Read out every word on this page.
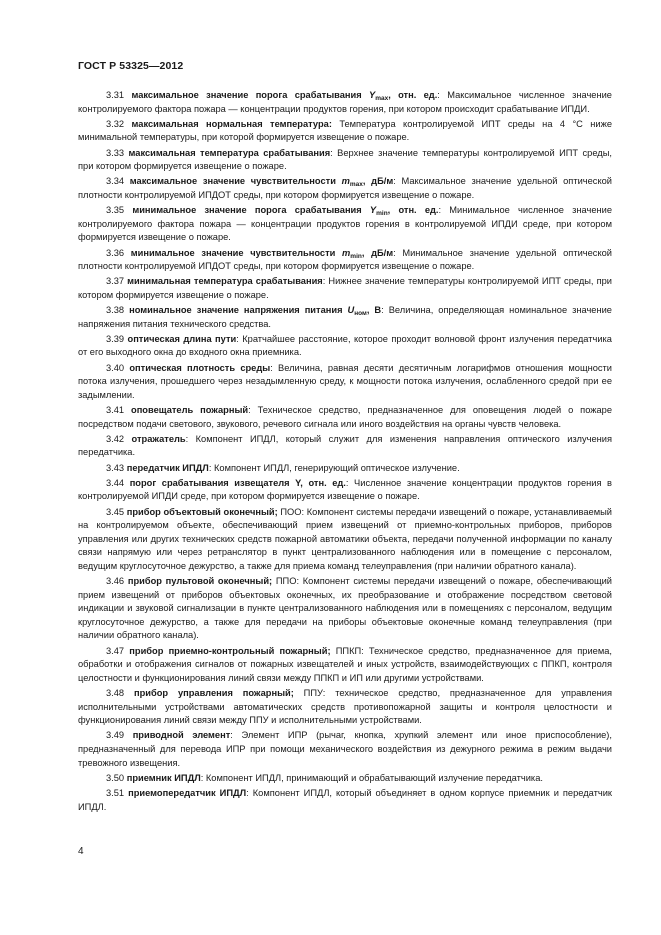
ГОСТ Р 53325—2012

3.31 максимальное значение порога срабатывания $Y_{max}$, отн. ед.: Максимальное численное значение контролируемого фактора пожара — концентрации продуктов горения, при котором происходит срабатывание ИПДИ.

3.32 максимальная нормальная температура: Температура контролируемой ИПТ среды на 4 °С ниже минимальной температуры, при которой формируется извещение о пожаре.

3.33 максимальная температура срабатывания: Верхнее значение температуры контролируемой ИПТ среды, при котором формируется извещение о пожаре.

3.34 максимальное значение чувствительности $m_{max}$, дБ/м: Максимальное значение удельной оптической плотности контролируемой ИПДОТ среды, при котором формируется извещение о пожаре.

3.35 минимальное значение порога срабатывания $Y_{min}$, отн. ед.: Минимальное численное значение контролируемого фактора пожара — концентрации продуктов горения в контролируемой ИПДИ среде, при котором формируется извещение о пожаре.

3.36 минимальное значение чувствительности $m_{min}$, дБ/м: Минимальное значение удельной оптической плотности контролируемой ИПДОТ среды, при котором формируется извещение о пожаре.

3.37 минимальная температура срабатывания: Нижнее значение температуры контролируемой ИПТ среды, при котором формируется извещение о пожаре.

3.38 номинальное значение напряжения питания $U_{ном}$, В: Величина, определяющая номинальное значение напряжения питания технического средства.

3.39 оптическая длина пути: Кратчайшее расстояние, которое проходит волновой фронт излучения передатчика от его выходного окна до входного окна приемника.

3.40 оптическая плотность среды: Величина, равная десяти десятичным логарифмов отношения мощности потока излучения, прошедшего через незадымленную среду, к мощности потока излучения, ослабленного средой при ее задымлении.

3.41 оповещатель пожарный: Техническое средство, предназначенное для оповещения людей о пожаре посредством подачи светового, звукового, речевого сигнала или иного воздействия на органы чувств человека.

3.42 отражатель: Компонент ИПДЛ, который служит для изменения направления оптического излучения передатчика.

3.43 передатчик ИПДЛ: Компонент ИПДЛ, генерирующий оптическое излучение.

3.44 порог срабатывания извещателя Y, отн. ед.: Численное значение концентрации продуктов горения в контролируемой ИПДИ среде, при котором формируется извещение о пожаре.

3.45 прибор объектовый оконечный; ПОО: Компонент системы передачи извещений о пожаре, устанавливаемый на контролируемом объекте, обеспечивающий прием извещений от приемно-контрольных приборов, приборов управления или других технических средств пожарной автоматики объекта, передачи полученной информации по каналу связи напрямую или через ретранслятор в пункт централизованного наблюдения или в помещение с персоналом, ведущим круглосуточное дежурство, а также для приема команд телеуправления (при наличии обратного канала).

3.46 прибор пультовой оконечный; ППО: Компонент системы передачи извещений о пожаре, обеспечивающий прием извещений от приборов объектовых оконечных, их преобразование и отображение посредством световой индикации и звуковой сигнализации в пункте централизованного наблюдения или в помещениях с персоналом, ведущим круглосуточное дежурство, а также для передачи на приборы объектовые оконечные команд телеуправления (при наличии обратного канала).

3.47 прибор приемно-контрольный пожарный; ППКП: Техническое средство, предназначенное для приема, обработки и отображения сигналов от пожарных извещателей и иных устройств, взаимодействующих с ППКП, контроля целостности и функционирования линий связи между ППКП и ИП или другими устройствами.

3.48 прибор управления пожарный; ППУ: техническое средство, предназначенное для управления исполнительными устройствами автоматических средств противопожарной защиты и контроля целостности и функционирования линий связи между ППУ и исполнительными устройствами.

3.49 приводной элемент: Элемент ИПР (рычаг, кнопка, хрупкий элемент или иное приспособление), предназначенный для перевода ИПР при помощи механического воздействия из дежурного режима в режим выдачи тревожного извещения.

3.50 приемник ИПДЛ: Компонент ИПДЛ, принимающий и обрабатывающий излучение передатчика.

3.51 приемопередатчик ИПДЛ: Компонент ИПДЛ, который объединяет в одном корпусе приемник и передатчик ИПДЛ.

4
